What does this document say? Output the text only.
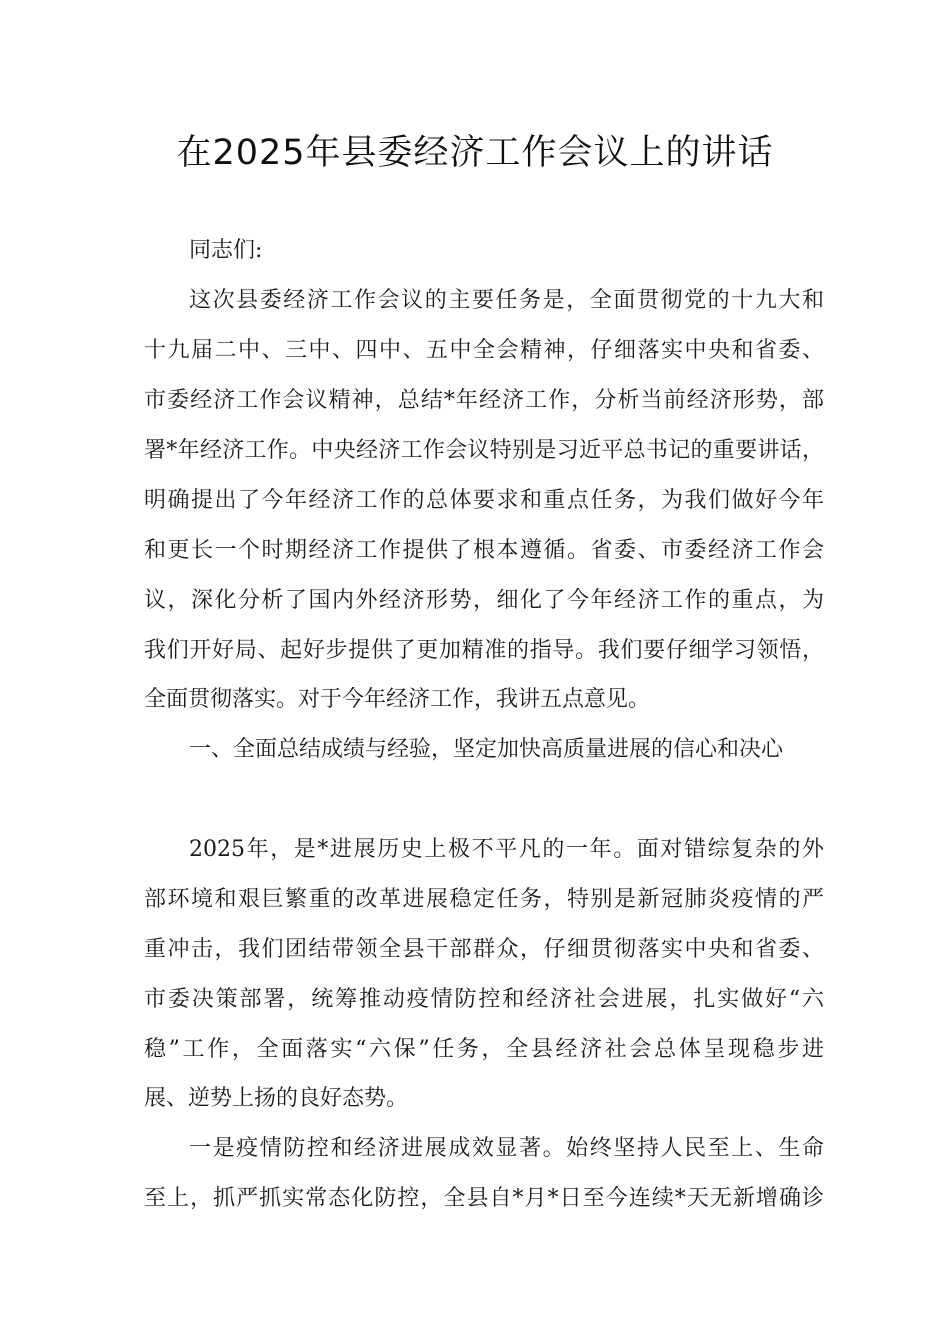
在2025年县委经济工作会议上的讲话
同志们:
这次县委经济工作会议的主要任务是，全面贯彻党的十九大和
十九届二中、三中、四中、五中全会精神，仔细落实中央和省委、
市委经济工作会议精神，总结*年经济工作，分析当前经济形势，部
署*年经济工作。中央经济工作会议特别是习近平总书记的重要讲话，
明确提出了今年经济工作的总体要求和重点任务，为我们做好今年
和更长一个时期经济工作提供了根本遵循。省委、市委经济工作会
议，深化分析了国内外经济形势，细化了今年经济工作的重点，为
我们开好局、起好步提供了更加精准的指导。我们要仔细学习领悟，
全面贯彻落实。对于今年经济工作，我讲五点意见。
一、全面总结成绩与经验，坚定加快高质量进展的信心和决心
2025年，是*进展历史上极不平凡的一年。面对错综复杂的外
部环境和艰巨繁重的改革进展稳定任务，特别是新冠肺炎疫情的严
重冲击，我们团结带领全县干部群众，仔细贯彻落实中央和省委、
市委决策部署，统筹推动疫情防控和经济社会进展，扎实做好“六
稳”工作，全面落实“六保”任务，全县经济社会总体呈现稳步进
展、逆势上扬的良好态势。
一是疫情防控和经济进展成效显著。始终坚持人民至上、生命
至上，抓严抓实常态化防控，全县自*月*日至今连续*天无新增确诊
